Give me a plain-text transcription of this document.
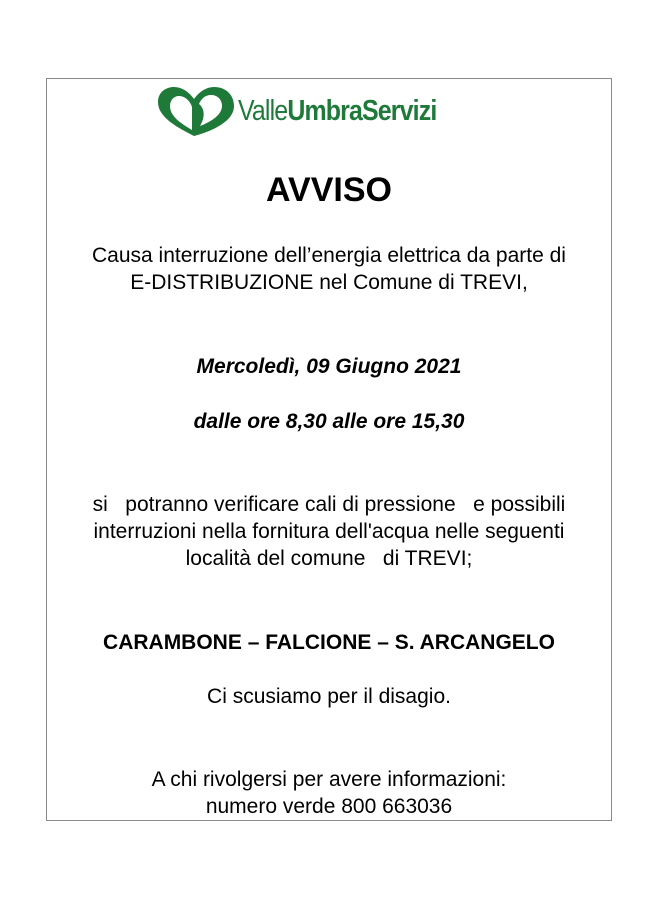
ValleUmbraServizi
AVVISO
Causa interruzione dell’energia elettrica da parte di
E-DISTRIBUZIONE nel Comune di TREVI,
Mercoledì, 09 Giugno 2021
dalle ore 8,30 alle ore 15,30
si   potranno verificare cali di pressione   e possibili
interruzioni nella fornitura dell'acqua nelle seguenti
località del comune   di TREVI;
CARAMBONE – FALCIONE – S. ARCANGELO
Ci scusiamo per il disagio.
A chi rivolgersi per avere informazioni:
numero verde 800 663036
